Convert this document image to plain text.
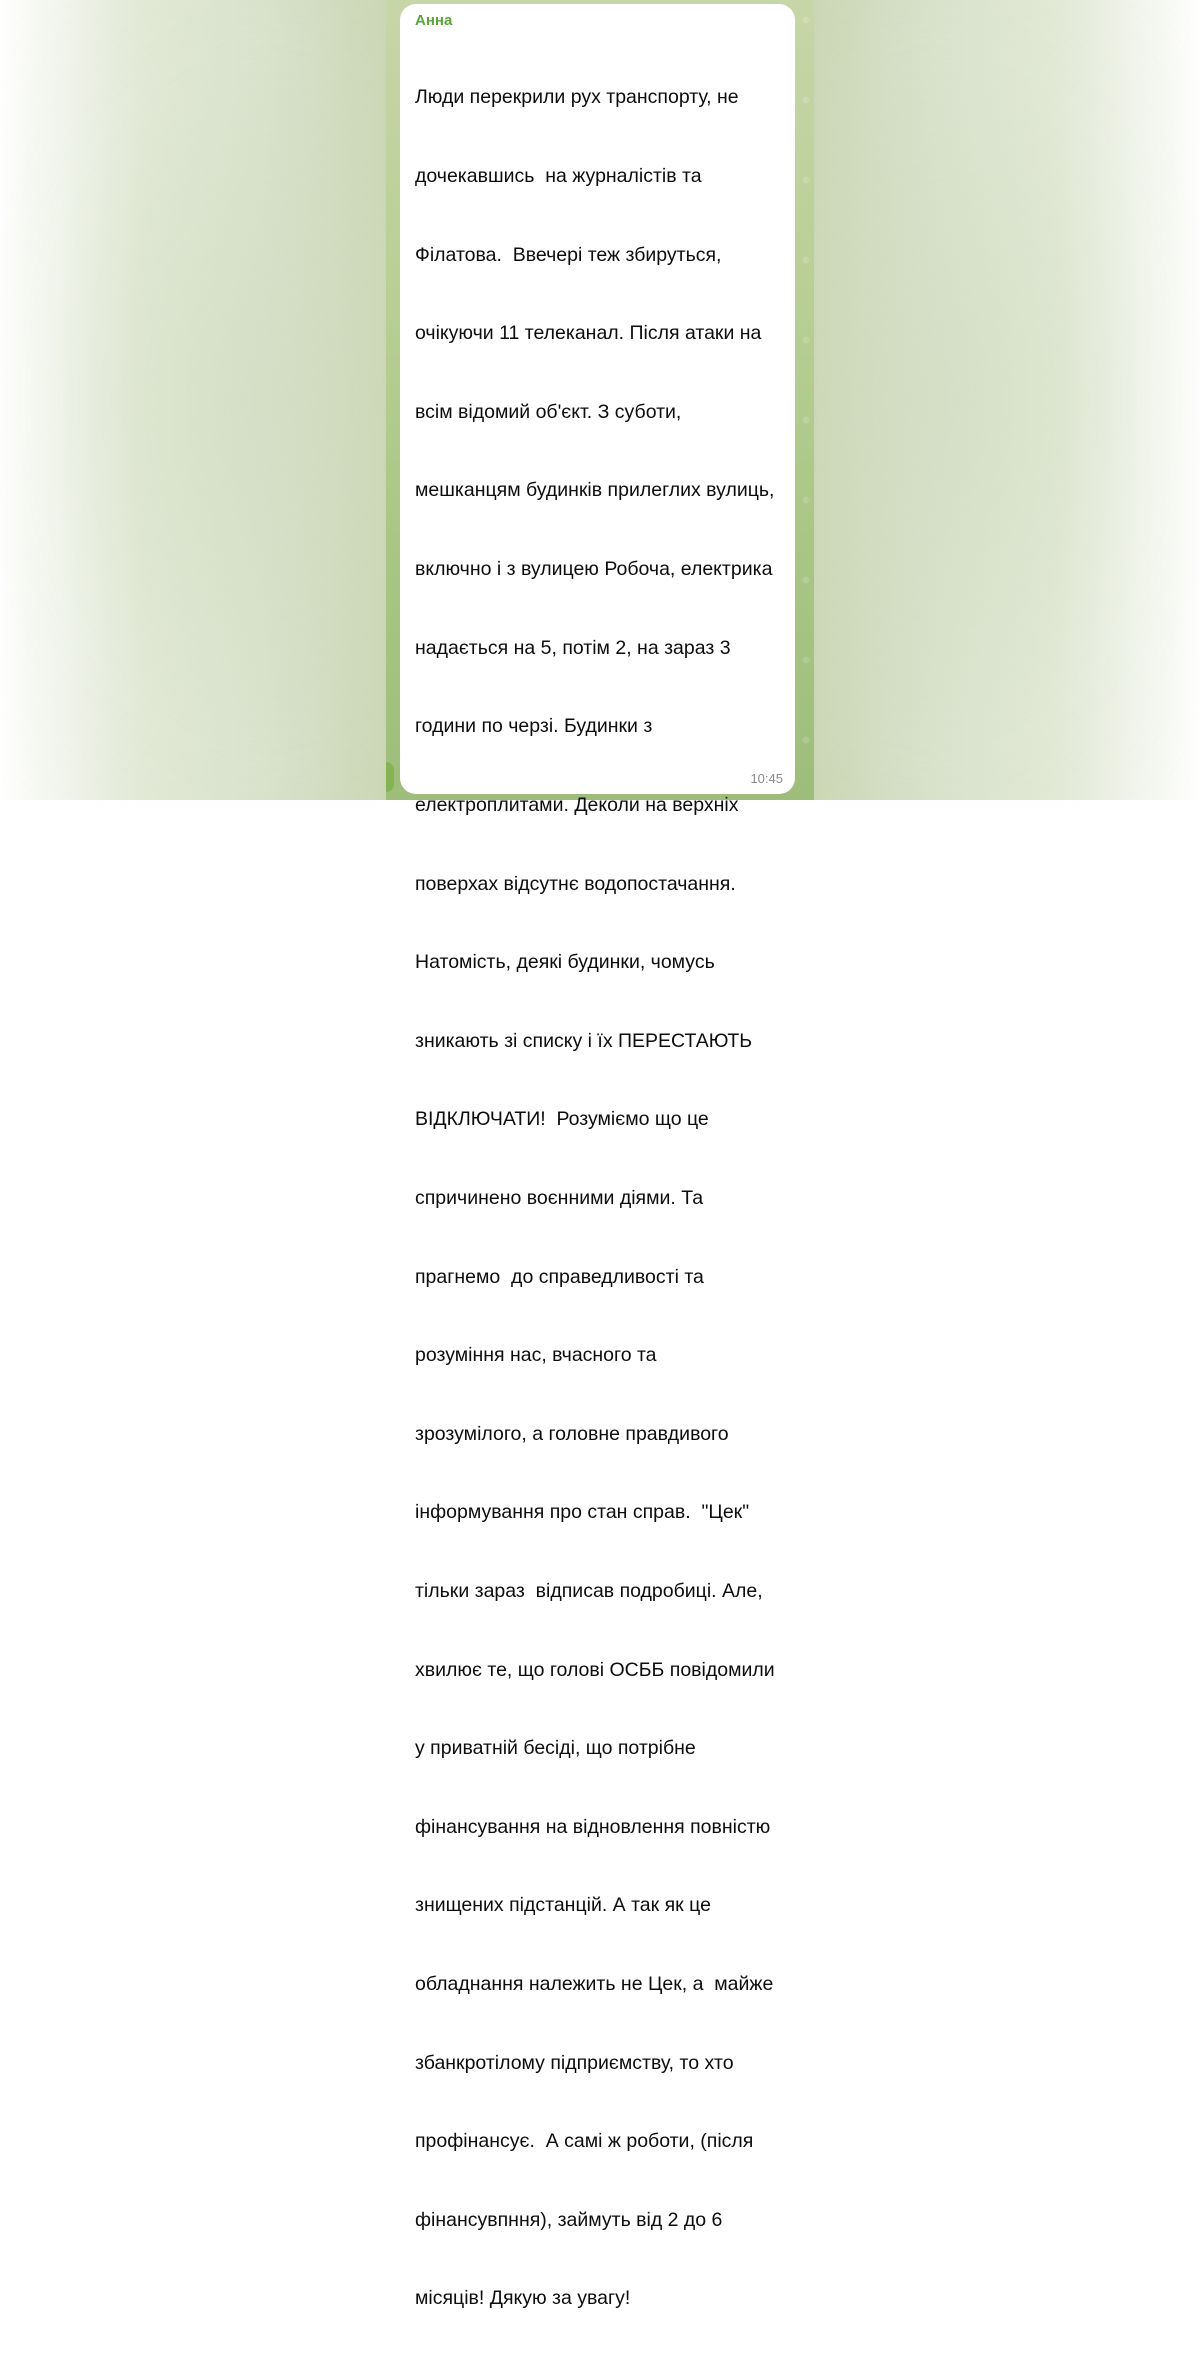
Анна

Люди перекрили рух транспорту, не

дочекавшись  на журналістів та

Філатова.  Ввечері теж збируться,

очікуючи 11 телеканал. Після атаки на

всім відомий об'єкт. З суботи,

мешканцям будинків прилеглих вулиць,

включно і з вулицею Робоча, електрика

надається на 5, потім 2, на зараз 3

години по черзі. Будинки з

електроплитами. Деколи на верхніх

поверхах відсутнє водопостачання.

Натомість, деякі будинки, чомусь

зникають зі списку і їх ПЕРЕСТАЮТЬ

ВІДКЛЮЧАТИ!  Розуміємо що це

спричинено воєнними діями. Та

прагнемо  до справедливості та

розуміння нас, вчасного та

зрозумілого, а головне правдивого

інформування про стан справ.  "Цек"

тільки зараз  відписав подробиці. Але,

хвилює те, що голові ОСББ повідомили

у приватній бесіді, що потрібне

фінансування на відновлення повністю

знищених підстанцій. А так як це

обладнання належить не Цек, а  майже

збанкротілому підприємству, то хто

профінансує.  А самі ж роботи, (після

фінансувпння), займуть від 2 до 6

місяців! Дякую за увагу!

10:45
